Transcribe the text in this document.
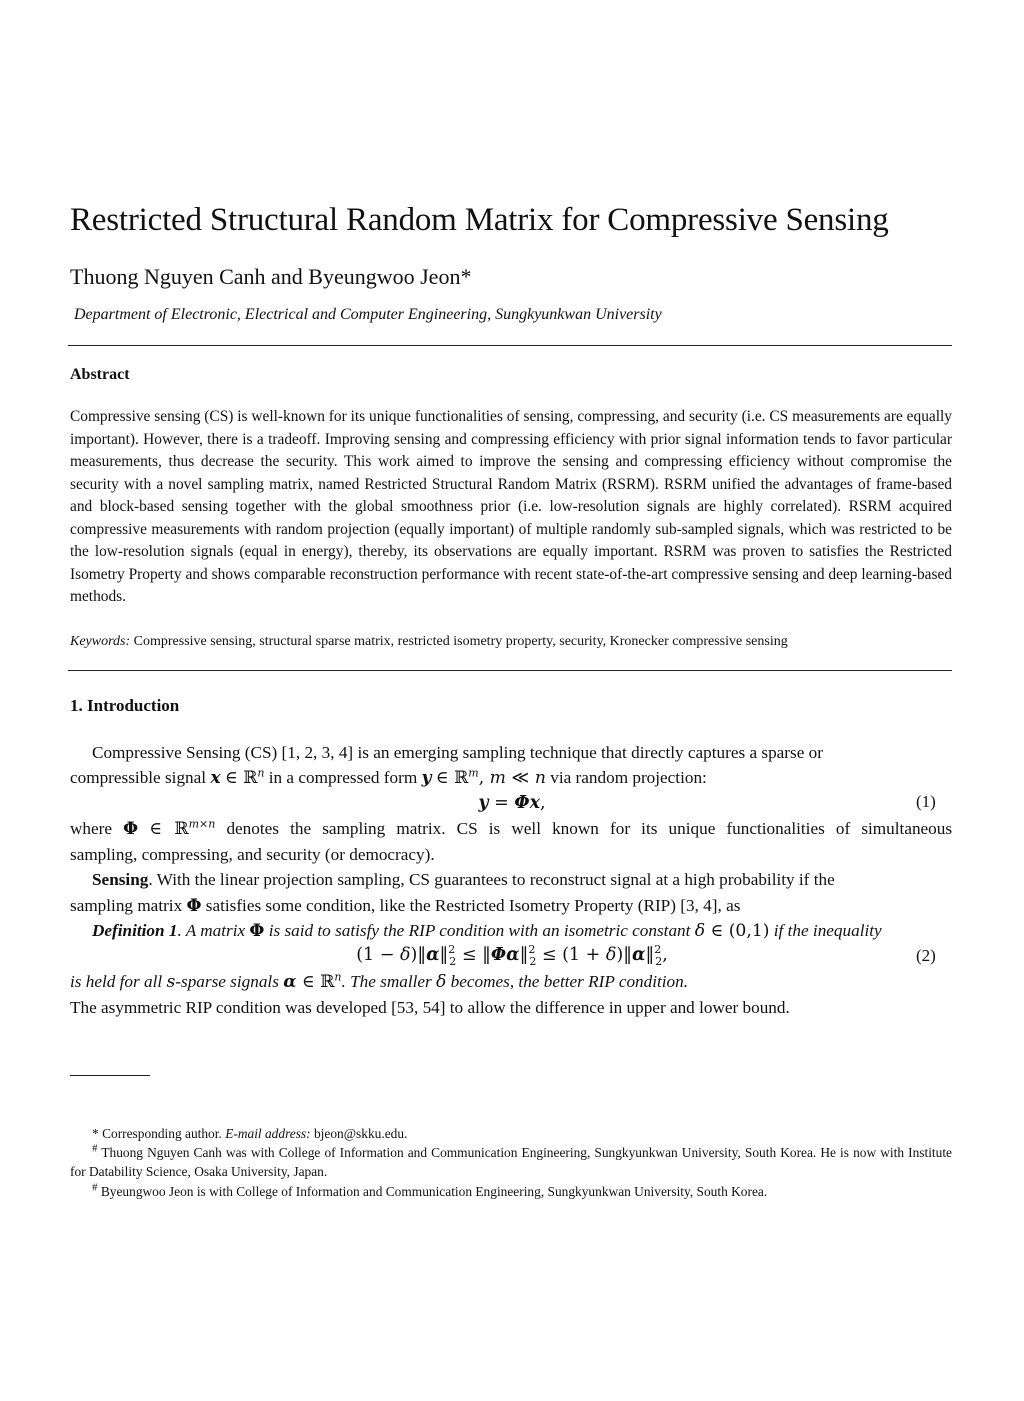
Restricted Structural Random Matrix for Compressive Sensing
Thuong Nguyen Canh and Byeungwoo Jeon*
Department of Electronic, Electrical and Computer Engineering, Sungkyunkwan University
Abstract
Compressive sensing (CS) is well-known for its unique functionalities of sensing, compressing, and security (i.e. CS measurements are equally important). However, there is a tradeoff. Improving sensing and compressing efficiency with prior signal information tends to favor particular measurements, thus decrease the security. This work aimed to improve the sensing and compressing efficiency without compromise the security with a novel sampling matrix, named Restricted Structural Random Matrix (RSRM). RSRM unified the advantages of frame-based and block-based sensing together with the global smoothness prior (i.e. low-resolution signals are highly correlated). RSRM acquired compressive measurements with random projection (equally important) of multiple randomly sub-sampled signals, which was restricted to be the low-resolution signals (equal in energy), thereby, its observations are equally important. RSRM was proven to satisfies the Restricted Isometry Property and shows comparable reconstruction performance with recent state-of-the-art compressive sensing and deep learning-based methods.
Keywords: Compressive sensing, structural sparse matrix, restricted isometry property, security, Kronecker compressive sensing
1. Introduction
Compressive Sensing (CS) [1, 2, 3, 4] is an emerging sampling technique that directly captures a sparse or
compressible signal x ∈ ℝ$^n$ in a compressed form y ∈ ℝ$^m$, m ≪ n via random projection:
y = Φx,	(1)
where Φ ∈ ℝ$^{m\times n}$ denotes the sampling matrix. CS is well known for its unique functionalities of simultaneous
sampling, compressing, and security (or democracy).
Sensing. With the linear projection sampling, CS guarantees to reconstruct signal at a high probability if the
sampling matrix Φ satisfies some condition, like the Restricted Isometry Property (RIP) [3, 4], as
Definition 1. A matrix Φ is said to satisfy the RIP condition with an isometric constant δ ∈ (0,1) if the inequality
(1 − δ)‖α‖$^2_2$ ≤ ‖Φα‖$^2_2$ ≤ (1 + δ)‖α‖$^2_2$,	(2)
is held for all s-sparse signals α ∈ ℝ$^n$. The smaller δ becomes, the better RIP condition.
The asymmetric RIP condition was developed [53, 54] to allow the difference in upper and lower bound.
* Corresponding author. E-mail address: bjeon@skku.edu.
# Thuong Nguyen Canh was with College of Information and Communication Engineering, Sungkyunkwan University, South Korea. He is now with Institute for Datability Science, Osaka University, Japan.
# Byeungwoo Jeon is with College of Information and Communication Engineering, Sungkyunkwan University, South Korea.
